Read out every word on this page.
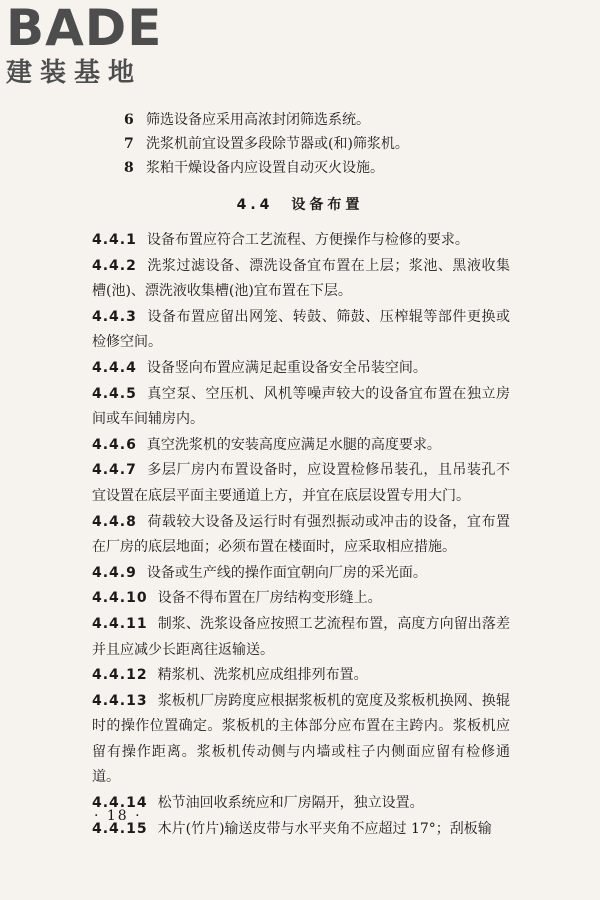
BADE
建装基地
6 筛选设备应采用高浓封闭筛选系统。
7 洗浆机前宜设置多段除节器或(和)筛浆机。
8 浆粕干燥设备内应设置自动灭火设施。
4.4　设备布置
4.4.1 设备布置应符合工艺流程、方便操作与检修的要求。
4.4.2 洗浆过滤设备、漂洗设备宜布置在上层；浆池、黑液收集槽(池)、漂洗液收集槽(池)宜布置在下层。
4.4.3 设备布置应留出网笼、转鼓、筛鼓、压榨辊等部件更换或检修空间。
4.4.4 设备竖向布置应满足起重设备安全吊装空间。
4.4.5 真空泵、空压机、风机等噪声较大的设备宜布置在独立房间或车间辅房内。
4.4.6 真空洗浆机的安装高度应满足水腿的高度要求。
4.4.7 多层厂房内布置设备时，应设置检修吊装孔，且吊装孔不宜设置在底层平面主要通道上方，并宜在底层设置专用大门。
4.4.8 荷载较大设备及运行时有强烈振动或冲击的设备，宜布置在厂房的底层地面；必须布置在楼面时，应采取相应措施。
4.4.9 设备或生产线的操作面宜朝向厂房的采光面。
4.4.10 设备不得布置在厂房结构变形缝上。
4.4.11 制浆、洗浆设备应按照工艺流程布置，高度方向留出落差并且应减少长距离往返输送。
4.4.12 精浆机、洗浆机应成组排列布置。
4.4.13 浆板机厂房跨度应根据浆板机的宽度及浆板机换网、换辊时的操作位置确定。浆板机的主体部分应布置在主跨内。浆板机应留有操作距离。浆板机传动侧与内墙或柱子内侧面应留有检修通道。
4.4.14 松节油回收系统应和厂房隔开，独立设置。
4.4.15 木片(竹片)输送皮带与水平夹角不应超过 17°；刮板输
· 18 ·
